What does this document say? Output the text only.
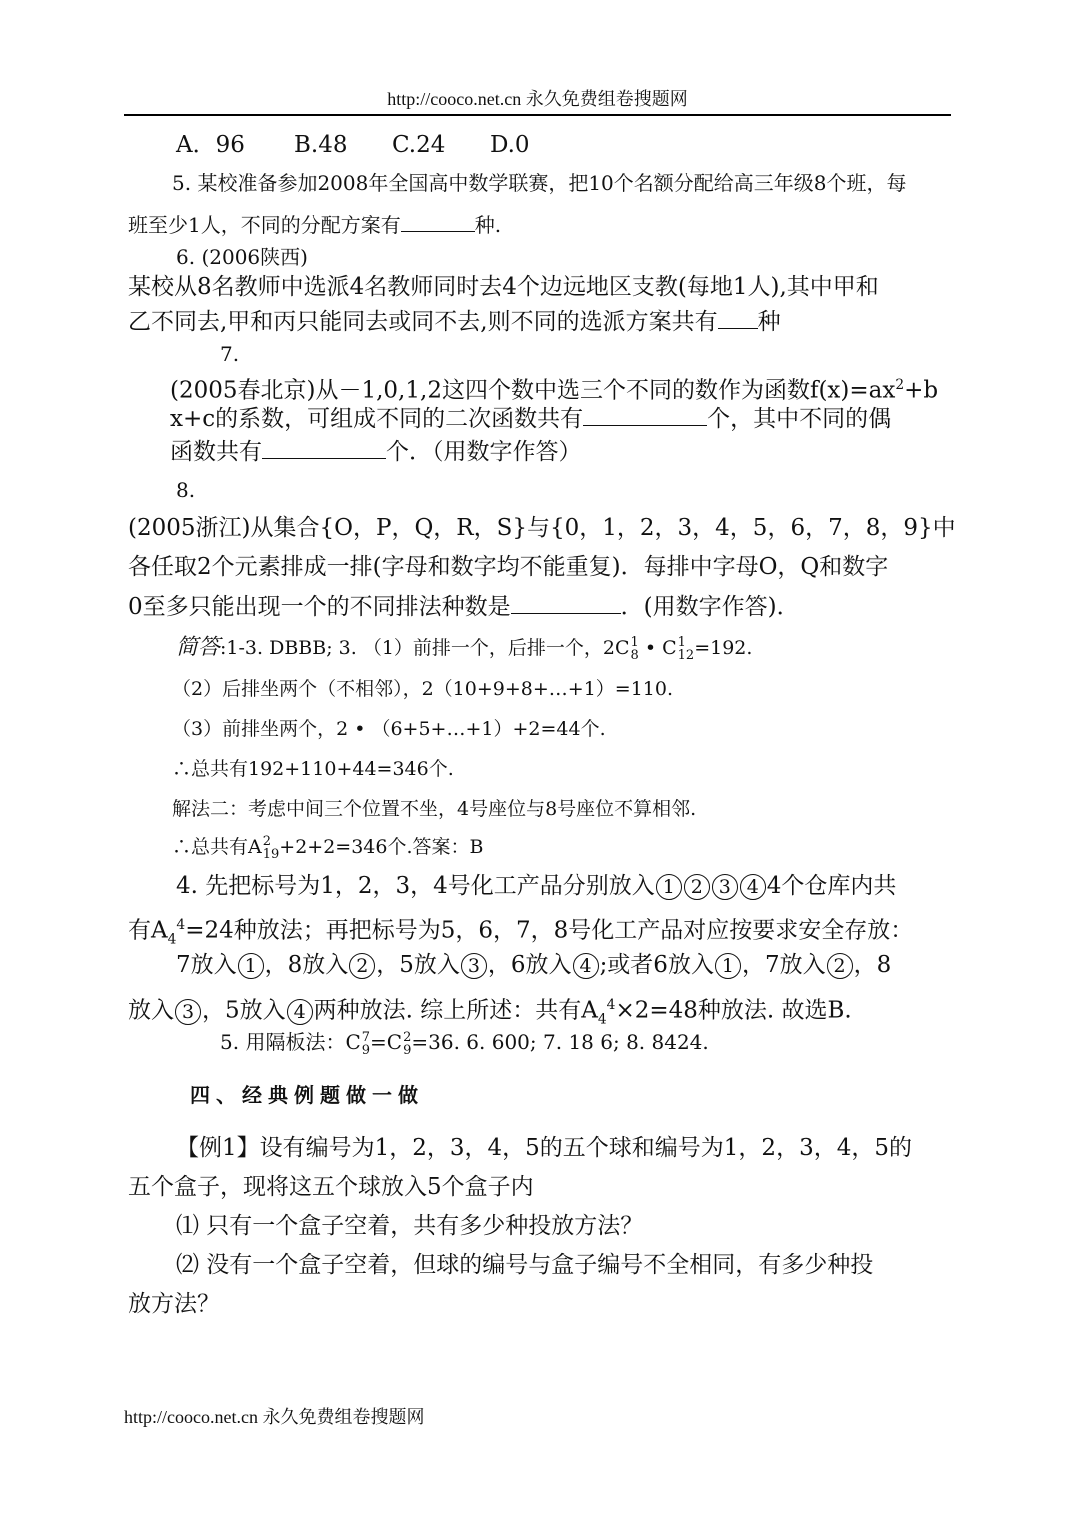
http://cooco.net.cn 永久免费组卷搜题网
A．96 B.48 C.24 D.0
5. 某校准备参加2008年全国高中数学联赛，把10个名额分配给高三年级8个班，每
班至少1人，不同的分配方案有	种.
6. (2006陕西)
某校从8名教师中选派4名教师同时去4个边远地区支教(每地1人),其中甲和
乙不同去,甲和丙只能同去或同不去,则不同的选派方案共有 种
7.
(2005春北京)从－1,0,1,2这四个数中选三个不同的数作为函数$f(x)=ax^2+b$
x+c的系数，可组成不同的二次函数共有	个，其中不同的偶
函数共有	个．（用数字作答）
8.
(2005浙江)从集合{O，P，Q，R，S}与{0，1，2，3，4，5，6，7，8，9}中
各任取2个元素排成一排(字母和数字均不能重复)．每排中字母O，Q和数字
0至多只能出现一个的不同排法种数是	．(用数字作答)．
简答:1-3. DBBB; 3. （1）前排一个，后排一个，2C 1
8 • C 1
12 =192.
（2）后排坐两个（不相邻），2（10+9+8+…+1）=110.
（3）前排坐两个，2 • （6+5+…+1）+2=44个.
∴总共有192+110+44=346个.
解法二：考虑中间三个位置不坐，4号座位与8号座位不算相邻.
∴总共有A 2
19 +2+2=346个.答案：B
4. 先把标号为1，2，3，4号化工产品分别放入 1 2 3 4 4个仓库内共
有$A_4^4=24$种放法；再把标号为5，6，7，8号化工产品对应按要求安全存放：
7放入 1 ，8放入 2 ，5放入 3 ，6放入 4 ;或者6放入 1 ，7放入 2 ，8
放入 3 ，5放入 4 两种放法. 综上所述：共有$A_4^4\times 2=48$种放法. 故选B.
5. 用隔板法：C 7
9 =C 2
9 =36. 6. 600; 7. 18 6; 8. 8424.
四、经典例题做一做
【例1】设有编号为1，2，3，4，5的五个球和编号为1，2，3，4，5的
五个盒子，现将这五个球放入5个盒子内
⑴ 只有一个盒子空着，共有多少种投放方法？
⑵ 没有一个盒子空着，但球的编号与盒子编号不全相同，有多少种投
放方法？
http://cooco.net.cn 永久免费组卷搜题网
